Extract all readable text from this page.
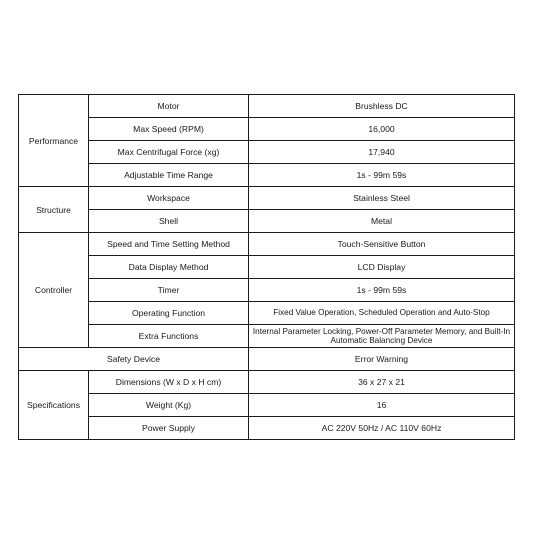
Performance	Motor	Brushless DC
	Max Speed (RPM)	16,000
	Max Centrifugal Force (xg)	17,940
	Adjustable Time Range	1s - 99m 59s
Structure	Workspace	Stainless Steel
	Shell	Metal
Controller	Speed and Time Setting Method	Touch-Sensitive Button
	Data Display Method	LCD Display
	Timer	1s - 99m 59s
	Operating Function	Fixed Value Operation, Scheduled Operation and Auto-Stop
	Extra Functions	Internal Parameter Locking, Power-Off Parameter Memory, and Built-In Automatic Balancing Device
Safety Device		Error Warning
Specifications	Dimensions (W x D x H cm)	36 x 27 x 21
	Weight (Kg)	16
	Power Supply	AC 220V 50Hz / AC 110V 60Hz
